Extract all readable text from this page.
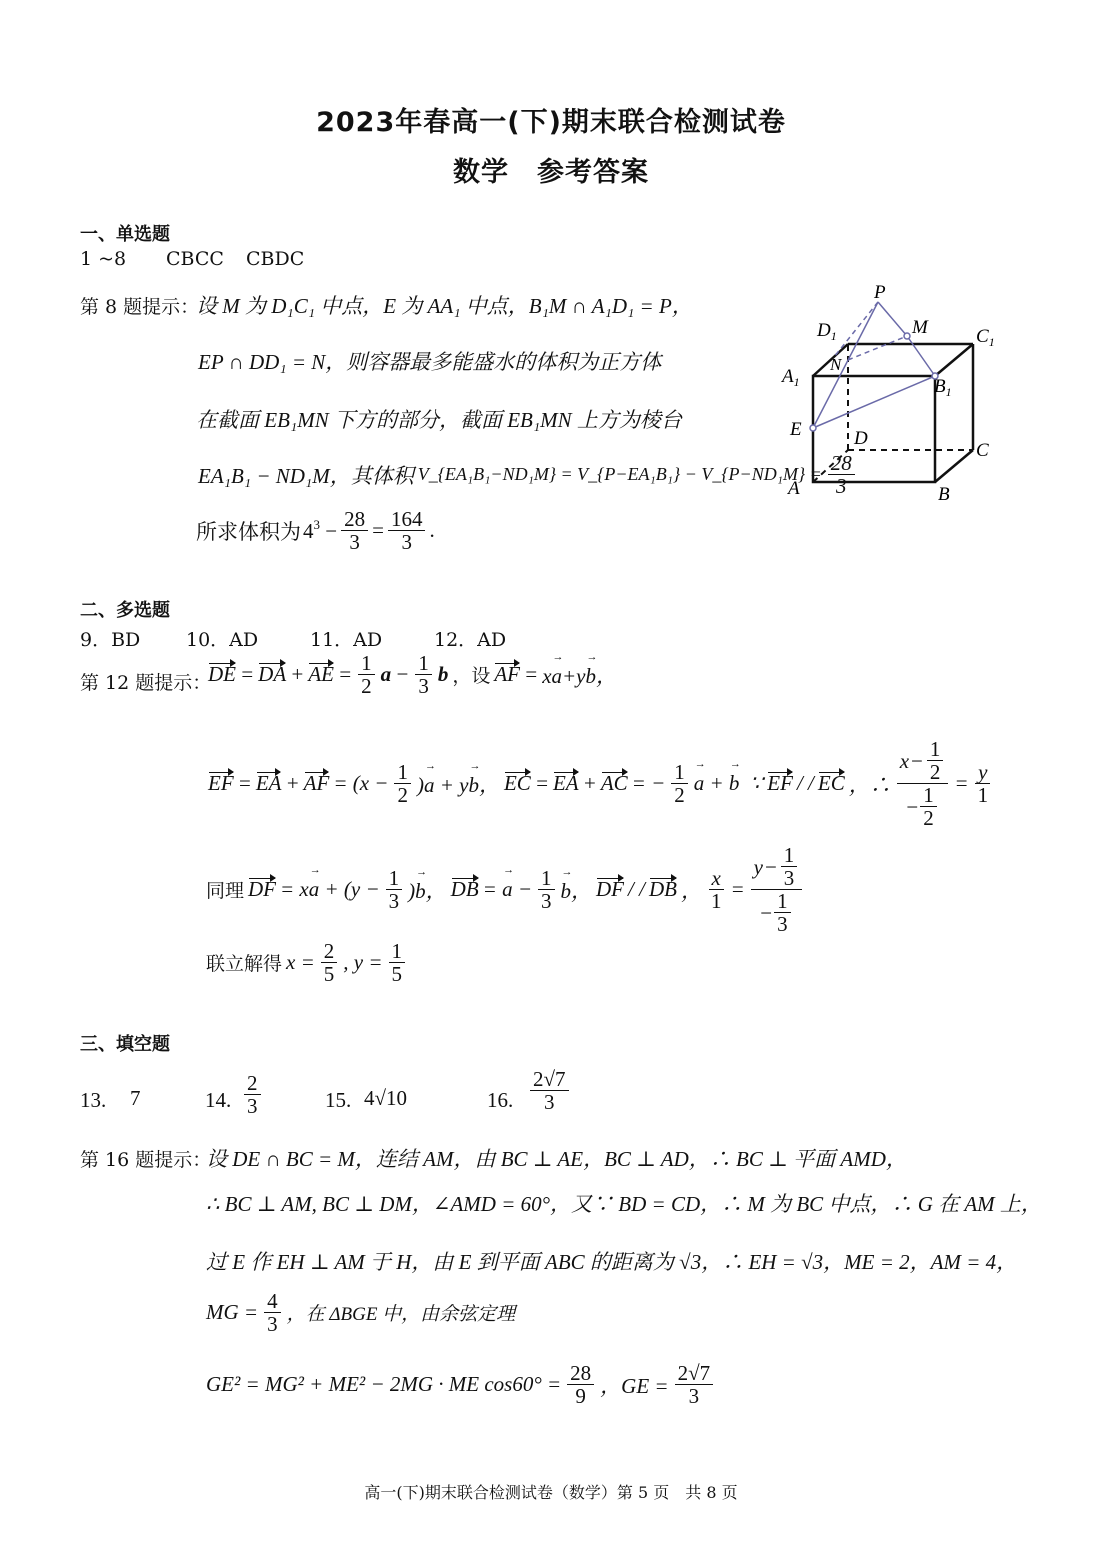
2023年春高一(下)期末联合检测试卷
数学　参考答案
一、单选题
1 ~8 CBCC CBDC
第 8 题提示：
设 M 为 D₁C₁ 中点，E 为 AA₁ 中点，B₁M ∩ A₁D₁ = P，
EP ∩ DD₁ = N，则容器最多能盛水的体积为正方体
在截面 EB₁MN 下方的部分，截面 EB₁MN 上方为棱台
EA₁B₁ − ND₁M，其体积 V_{EA₁B₁−ND₁M} = V_{P−EA₁B₁} − V_{P−ND₁M} = $\frac{28}{3}$
所求体积为 $4^3 - \frac{28}{3} = \frac{164}{3}$ .
P
M
$D_1$	$C_1$
$A_1$
N
$B_1$
E	D
C
A	B
二、多选题
9．BD 10．AD	11．AD	12．AD
第 12 题提示：
DE = DA + AE = $\frac{1}{2}$ $a - \frac{1}{3}$ b ，设 AF = xa →+yb →，
EF = EA + AF = $(x - \frac{1}{2} )a$ → + yb →， EC = EA + AC = − $\frac{1}{2}$ a → + b →  ∵ EF / / EC ，∴ $\frac{x - \frac{1}{2}}{- \frac{1}{2}} = \frac{y}{1}$
同理 DF = xa → + $(y - \frac{1}{3} )b$ →， DB = a → − $\frac{1}{3}$ b →， DF / / DB ， $\frac{x}{1} = \frac{y - \frac{1}{3}}{- \frac{1}{3}}$
联立解得 $x = \frac{2}{5}$ , $y = \frac{1}{5}$
三、填空题
13. 7	14. $\frac{2}{3}$	15. 4√10	16. $\frac{2√7}{3}$
第 16 题提示：
设 DE ∩ BC = M，连结 AM，由 BC ⊥ AE，BC ⊥ AD，∴ BC ⊥ 平面 AMD，
∴ BC ⊥ AM, BC ⊥ DM，∠AMD = 60°，又∵ BD = CD，∴ M 为 BC 中点，∴ G 在 AM 上，
过 E 作 EH ⊥ AM 于 H，由 E 到平面 ABC 的距离为 √3，∴ EH = √3，ME = 2，AM = 4，
MG = $\frac{4}{3}$ ，在 ΔBGE 中，由余弦定理
GE² = MG² + ME² − 2MG · ME $\cos 60^\circ = \frac{28}{9}$ ，GE = $\frac{2√7}{3}$
高一(下)期末联合检测试卷（数学）第 5 页　共 8 页
